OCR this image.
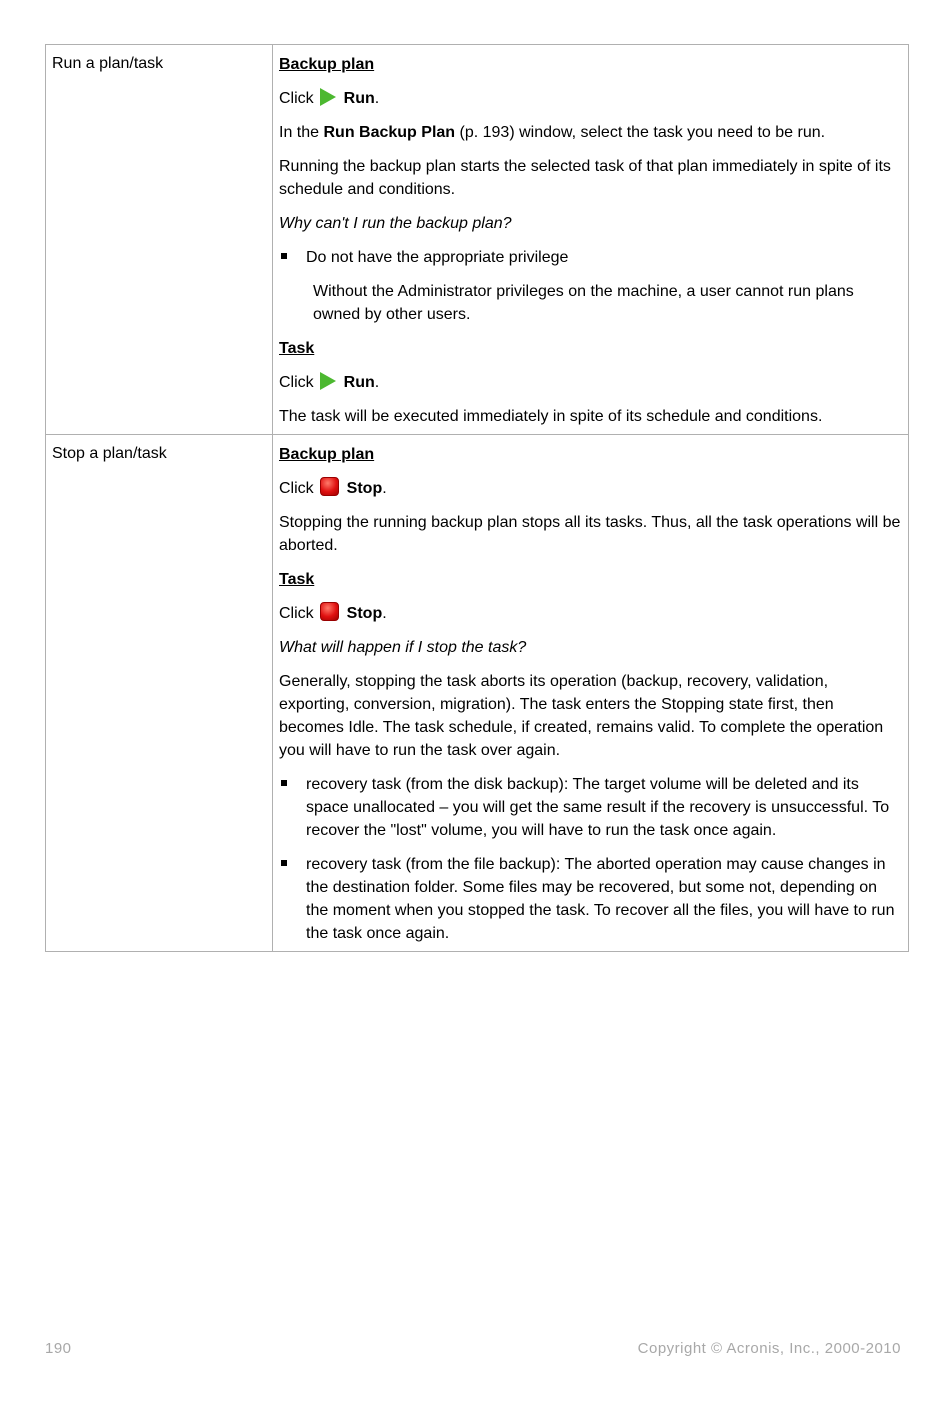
Run a plan/task	Backup plan

Click Run .

In the Run Backup Plan (p. 193) window, select the task you need to be run.

Running the backup plan starts the selected task of that plan immediately in spite of its schedule and conditions.

Why can't I run the backup plan?

Do not have the appropriate privilege

Without the Administrator privileges on the machine, a user cannot run plans owned by other users.

Task

Click Run .

The task will be executed immediately in spite of its schedule and conditions.

Stop a plan/task	Backup plan

Click Stop .

Stopping the running backup plan stops all its tasks. Thus, all the task operations will be aborted.

Task

Click Stop .

What will happen if I stop the task?

Generally, stopping the task aborts its operation (backup, recovery, validation, exporting, conversion, migration). The task enters the Stopping state first, then becomes Idle. The task schedule, if created, remains valid. To complete the operation you will have to run the task over again.

recovery task (from the disk backup): The target volume will be deleted and its space unallocated – you will get the same result if the recovery is unsuccessful. To recover the "lost" volume, you will have to run the task once again.
recovery task (from the file backup): The aborted operation may cause changes in the destination folder. Some files may be recovered, but some not, depending on the moment when you stopped the task. To recover all the files, you will have to run the task once again.
190	Copyright © Acronis, Inc., 2000-2010
